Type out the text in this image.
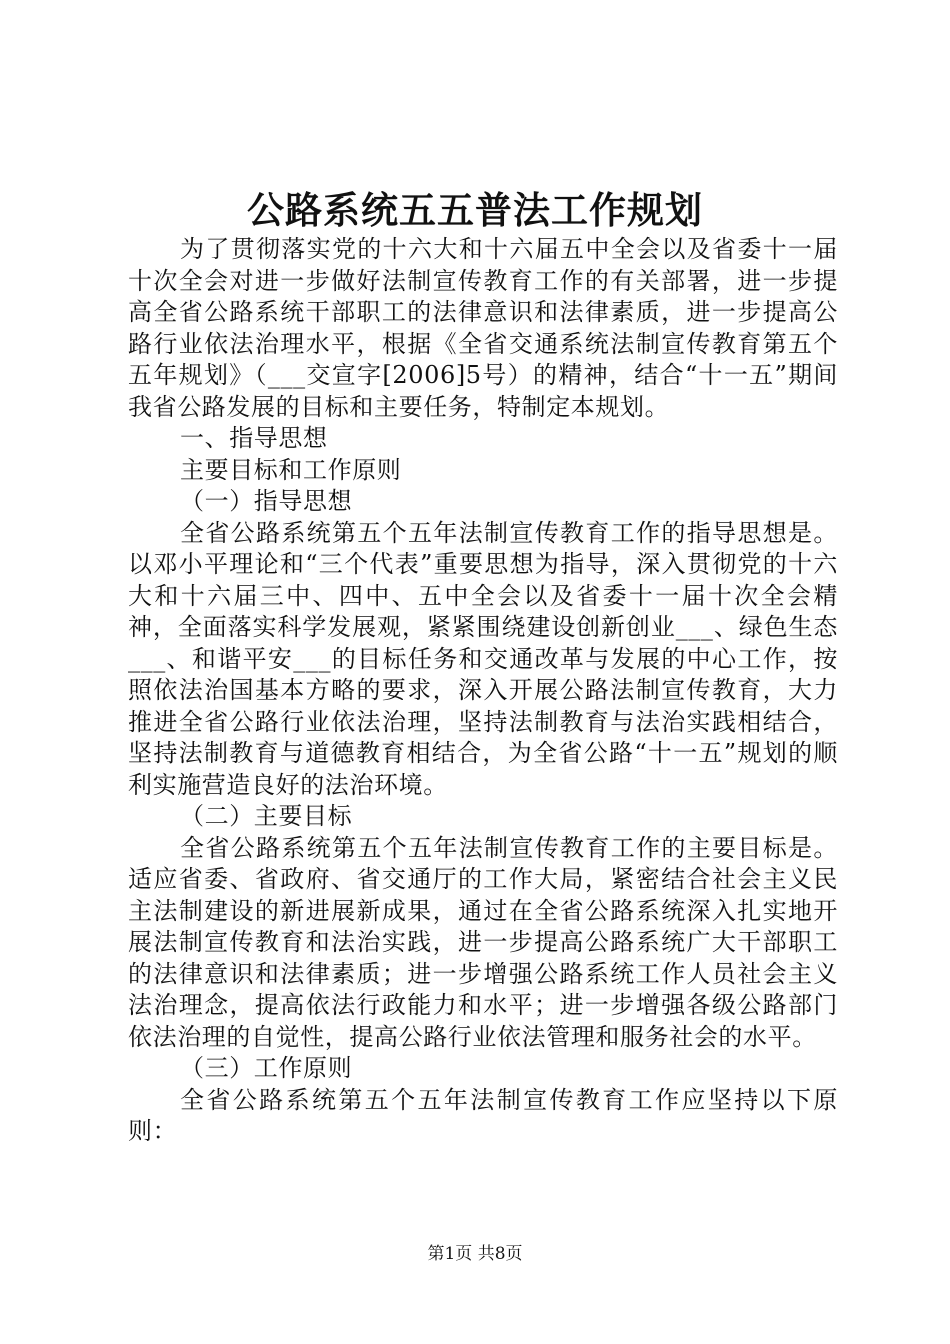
公路系统五五普法工作规划

为了贯彻落实党的十六大和十六届五中全会以及省委十一届十次全会对进一步做好法制宣传教育工作的有关部署，进一步提高全省公路系统干部职工的法律意识和法律素质，进一步提高公路行业依法治理水平，根据《全省交通系统法制宣传教育第五个五年规划》（___交宣字[2006]5号）的精神，结合“十一五”期间我省公路发展的目标和主要任务，特制定本规划。

一、指导思想

主要目标和工作原则

（一）指导思想

全省公路系统第五个五年法制宣传教育工作的指导思想是。以邓小平理论和“三个代表”重要思想为指导，深入贯彻党的十六大和十六届三中、四中、五中全会以及省委十一届十次全会精神，全面落实科学发展观，紧紧围绕建设创新创业___、绿色生态___、和谐平安___的目标任务和交通改革与发展的中心工作，按照依法治国基本方略的要求，深入开展公路法制宣传教育，大力推进全省公路行业依法治理，坚持法制教育与法治实践相结合，坚持法制教育与道德教育相结合，为全省公路“十一五”规划的顺利实施营造良好的法治环境。

（二）主要目标

全省公路系统第五个五年法制宣传教育工作的主要目标是。适应省委、省政府、省交通厅的工作大局，紧密结合社会主义民主法制建设的新进展新成果，通过在全省公路系统深入扎实地开展法制宣传教育和法治实践，进一步提高公路系统广大干部职工的法律意识和法律素质；进一步增强公路系统工作人员社会主义法治理念，提高依法行政能力和水平；进一步增强各级公路部门依法治理的自觉性，提高公路行业依法管理和服务社会的水平。

（三）工作原则

全省公路系统第五个五年法制宣传教育工作应坚持以下原则：

第1页 共8页
